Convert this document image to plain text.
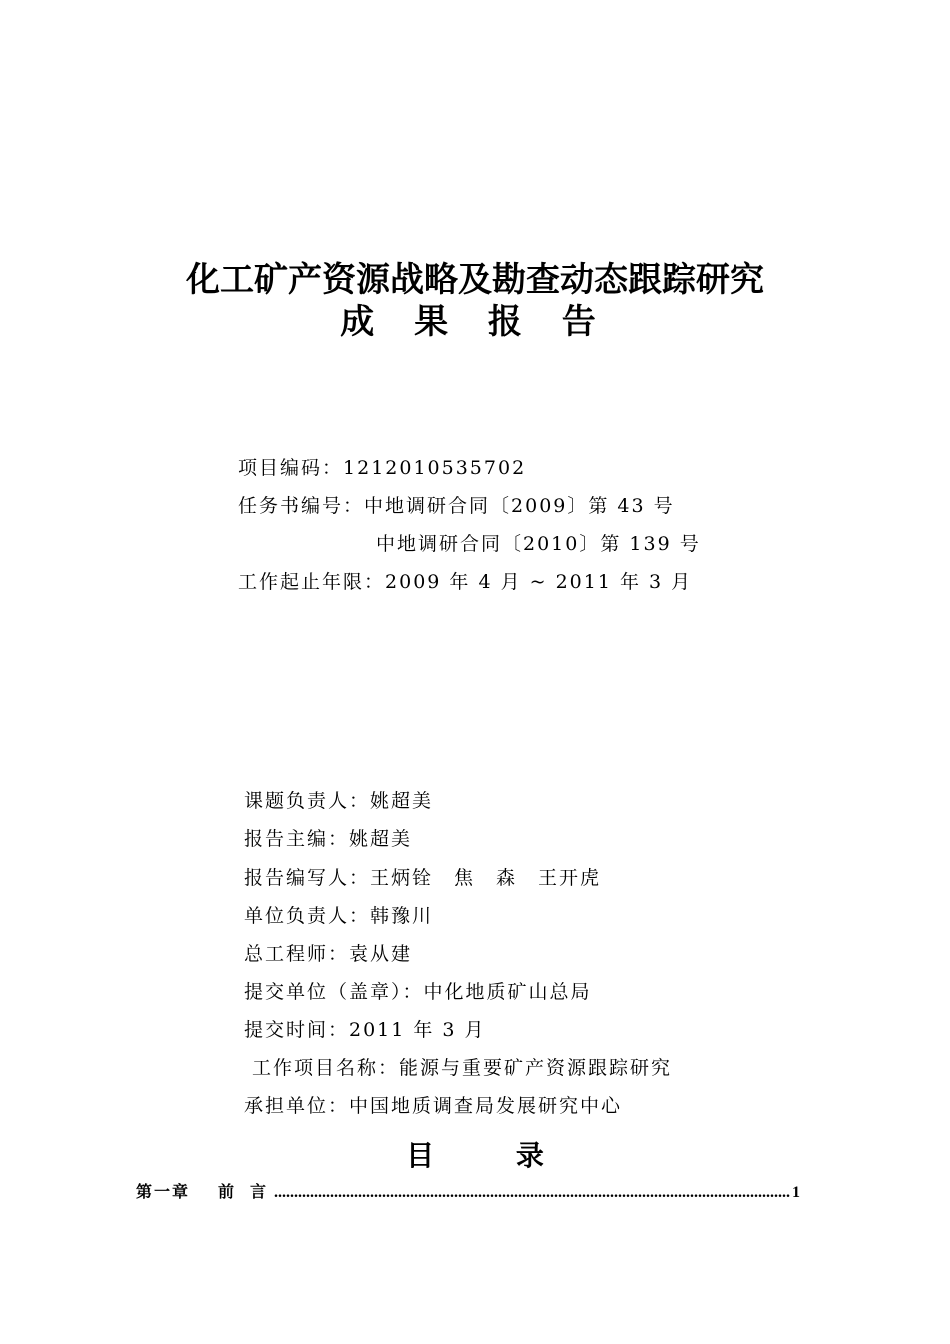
化工矿产资源战略及勘查动态跟踪研究
成 果 报 告
项目编码：1212010535702
任务书编号：中地调研合同〔2009〕第 43 号
中地调研合同〔2010〕第 139 号
工作起止年限：2009 年 4 月 ~ 2011 年 3 月
课题负责人：姚超美
报告主编：姚超美
报告编写人：王炳铨　焦　森　王开虎
单位负责人：韩豫川
总工程师：袁从建
提交单位（盖章）：中化地质矿山总局
提交时间：2011 年 3 月
工作项目名称：能源与重要矿产资源跟踪研究
承担单位：中国地质调查局发展研究中心
目 录
第一章 前 言
.....	1
